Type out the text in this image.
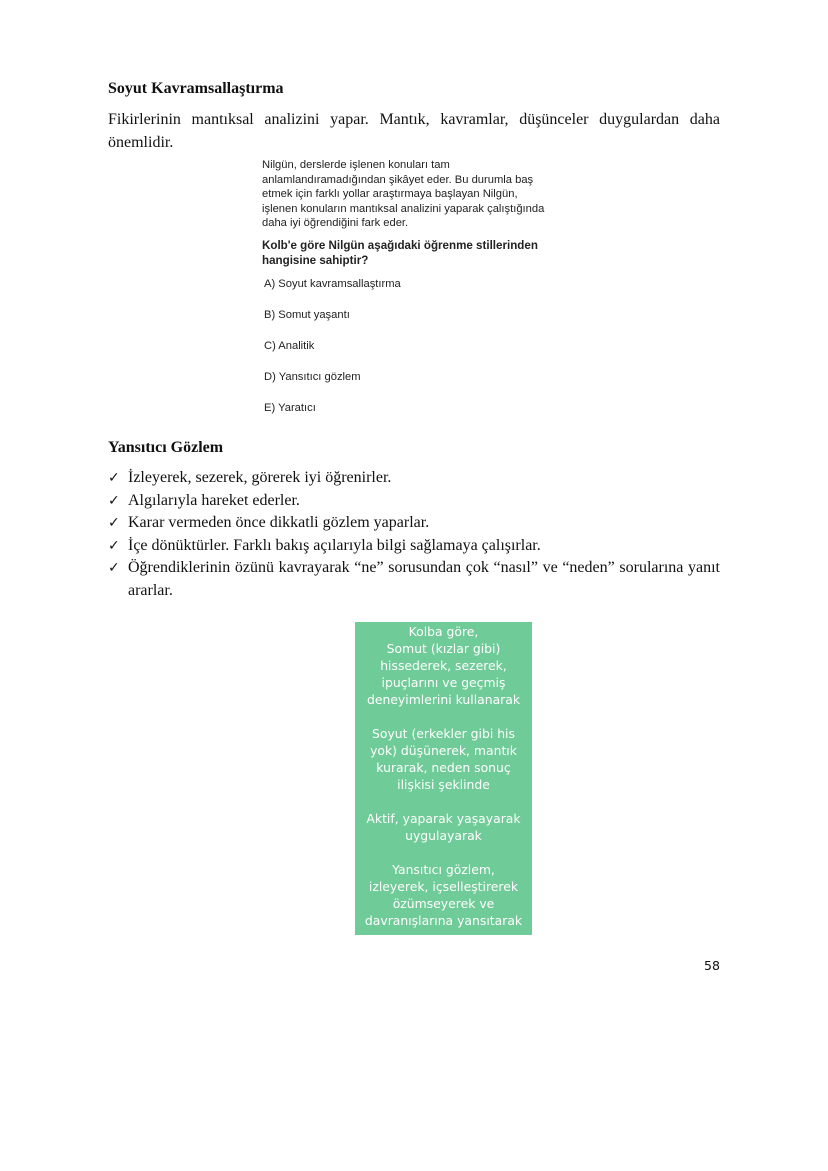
Soyut Kavramsallaştırma
Fikirlerinin mantıksal analizini yapar. Mantık, kavramlar, düşünceler duygulardan daha önemlidir.

Nilgün, derslerde işlenen konuları tam
anlamlandıramadığından şikâyet eder. Bu durumla baş
etmek için farklı yollar araştırmaya başlayan Nilgün,
işlenen konuların mantıksal analizini yaparak çalıştığında
daha iyi öğrendiğini fark eder.

Kolb'e göre Nilgün aşağıdaki öğrenme stillerinden
hangisine sahiptir?

A) Soyut kavramsallaştırma
B) Somut yaşantı
C) Analitik
D) Yansıtıcı gözlem
E) Yaratıcı
Yansıtıcı Gözlem
✓ İzleyerek, sezerek, görerek iyi öğrenirler.
✓ Algılarıyla hareket ederler.
✓ Karar vermeden önce dikkatli gözlem yaparlar.
✓ İçe dönüktürler. Farklı bakış açılarıyla bilgi sağlamaya çalışırlar.
✓ Öğrendiklerinin özünü kavrayarak “ne” sorusundan çok “nasıl” ve “neden” sorularına yanıt ararlar.
Kolba göre,
Somut (kızlar gibi)
hissederek, sezerek,
ipuçlarını ve geçmiş
deneyimlerini kullanarak
Soyut (erkekler gibi his
yok) düşünerek, mantık
kurarak, neden sonuç
ilişkisi şeklinde
Aktif, yaparak yaşayarak
uygulayarak
Yansıtıcı gözlem,
izleyerek, içselleştirerek
özümseyerek ve
davranışlarına yansıtarak
58
